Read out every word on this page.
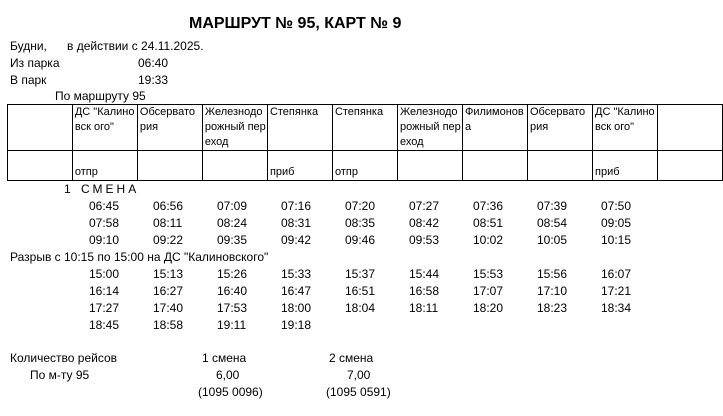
МАРШРУТ № 95, КАРТ № 9
Будни, в действии с 24.11.2025.
Из парка	06:40
В парк	19:33
По маршруту 95
	ДС "Калиновск ого"	Обсервато рия	Железнодо рожный переход	Степянка	Степянка	Железнодо рожный переход	Филимонов а	Обсервато рия	ДС "Калиновск ого"	
	отпр			приб	отпр				приб	
1 СМЕНА
06:45	06:56	07:09	07:16	07:20	07:27	07:36	07:39	07:50
07:58	08:11	08:24	08:31	08:35	08:42	08:51	08:54	09:05
09:10	09:22	09:35	09:42	09:46	09:53	10:02	10:05	10:15
Разрыв с 10:15 по 15:00 на ДС "Калиновского"
15:00	15:13	15:26	15:33	15:37	15:44	15:53	15:56	16:07
16:14	16:27	16:40	16:47	16:51	16:58	17:07	17:10	17:21
17:27	17:40	17:53	18:00	18:04	18:11	18:20	18:23	18:34
18:45	18:58	19:11	19:18
Количество рейсов
По м-ту 95
1 смена	2 смена
6,00	7,00
(1095 0096)	(1095 0591)
